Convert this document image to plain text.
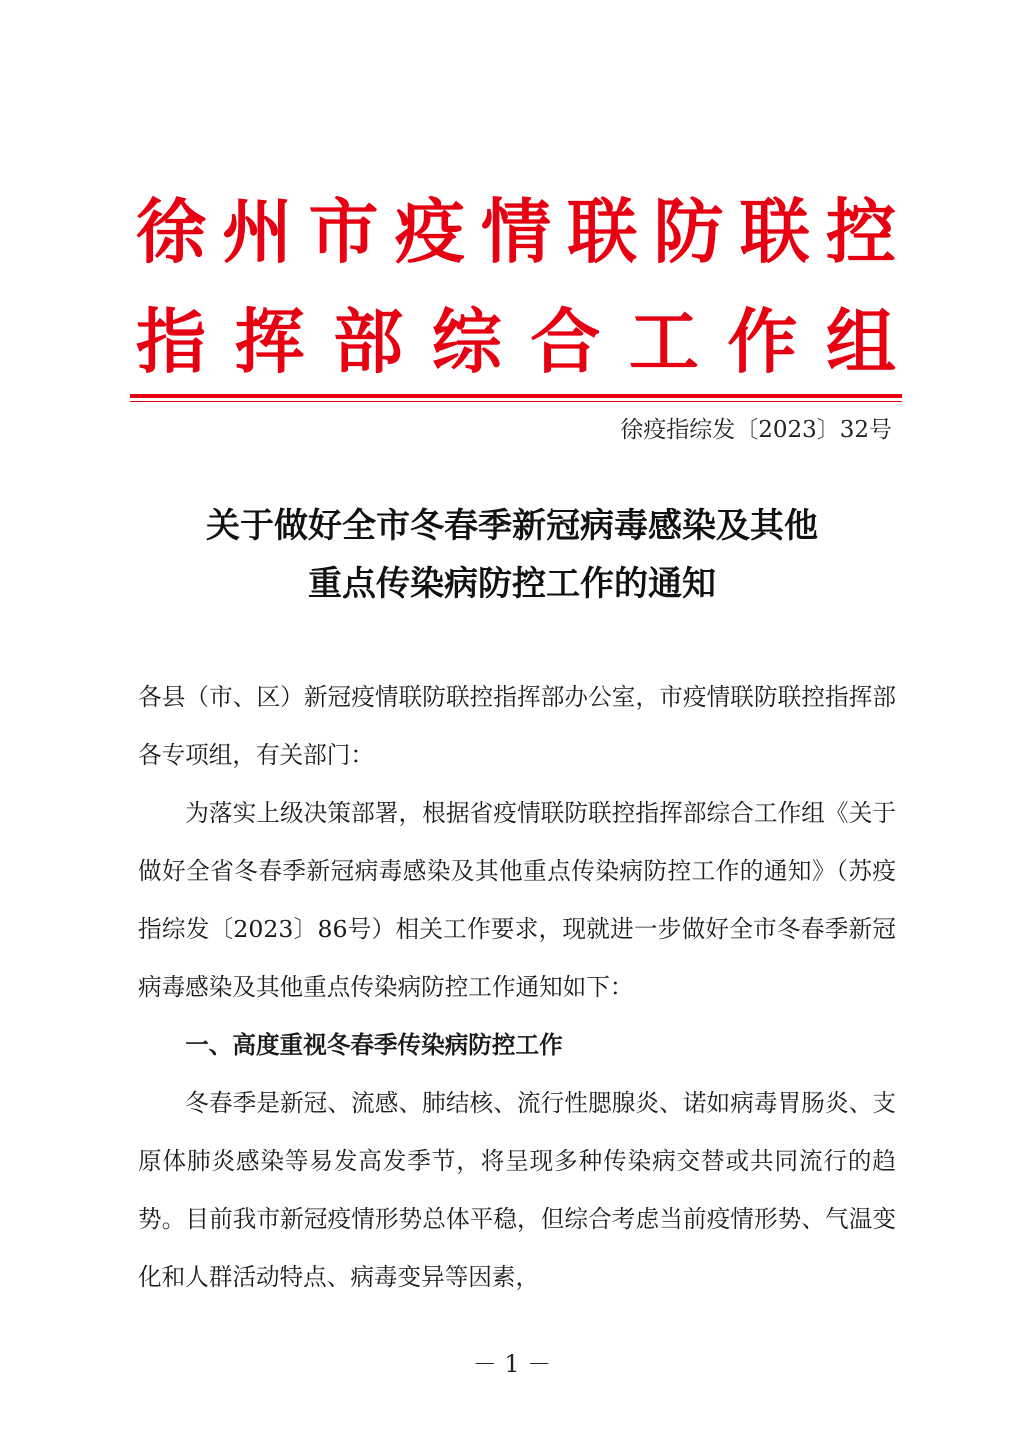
徐 州 市 疫 情 联 防 联 控
指 挥 部 综 合 工 作 组
徐疫指综发〔2023〕32号
关于做好全市冬春季新冠病毒感染及其他
重点传染病防控工作的通知

各县（市、区）新冠疫情联防联控指挥部办公室，市疫情联防联控指挥部各专项组，有关部门：

为落实上级决策部署，根据省疫情联防联控指挥部综合工作组《关于做好全省冬春季新冠病毒感染及其他重点传染病防控工作的通知》（苏疫指综发〔2023〕86号）相关工作要求，现就进一步做好全市冬春季新冠病毒感染及其他重点传染病防控工作通知如下：

一、高度重视冬春季传染病防控工作

冬春季是新冠、流感、肺结核、流行性腮腺炎、诺如病毒胃肠炎、支原体肺炎感染等易发高发季节，将呈现多种传染病交替或共同流行的趋势。目前我市新冠疫情形势总体平稳，但综合考虑当前疫情形势、气温变化和人群活动特点、病毒变异等因素，

－ 1 －
